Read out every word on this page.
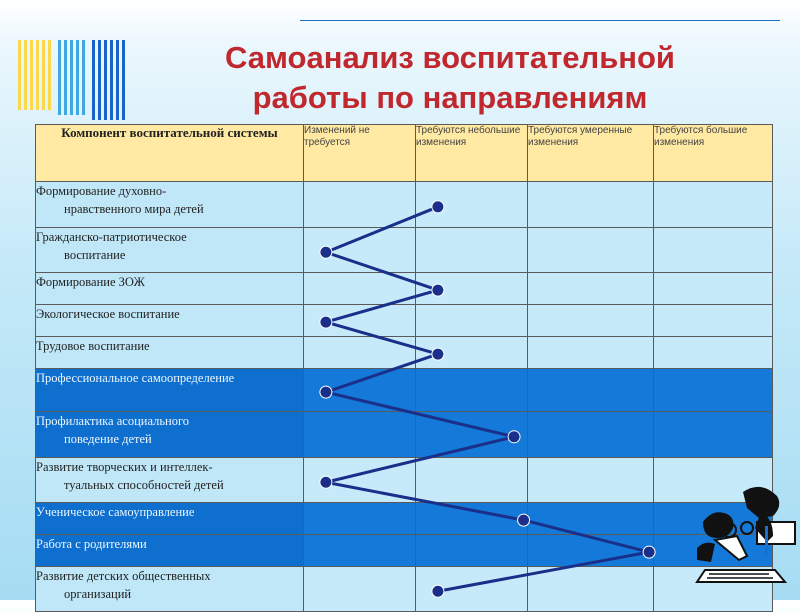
Самоанализ воспитательной
работы по направлениям
Компонент воспитательной системы	Изменений не требуется	Требуются небольшие изменения	Требуются умеренные изменения	Требуются большие изменения

Формирование духовно-
нравственного мира детей				

Гражданско-патриотическое
воспитание				

Формирование ЗОЖ				

Экологическое воспитание				

Трудовое воспитание				

Профессиональное самоопределение				

Профилактика асоциального
поведение детей				

Развитие творческих и интеллек-
туальных способностей детей				

Ученическое самоуправление				

Работа с родителями				

Развитие детских общественных
организаций				
